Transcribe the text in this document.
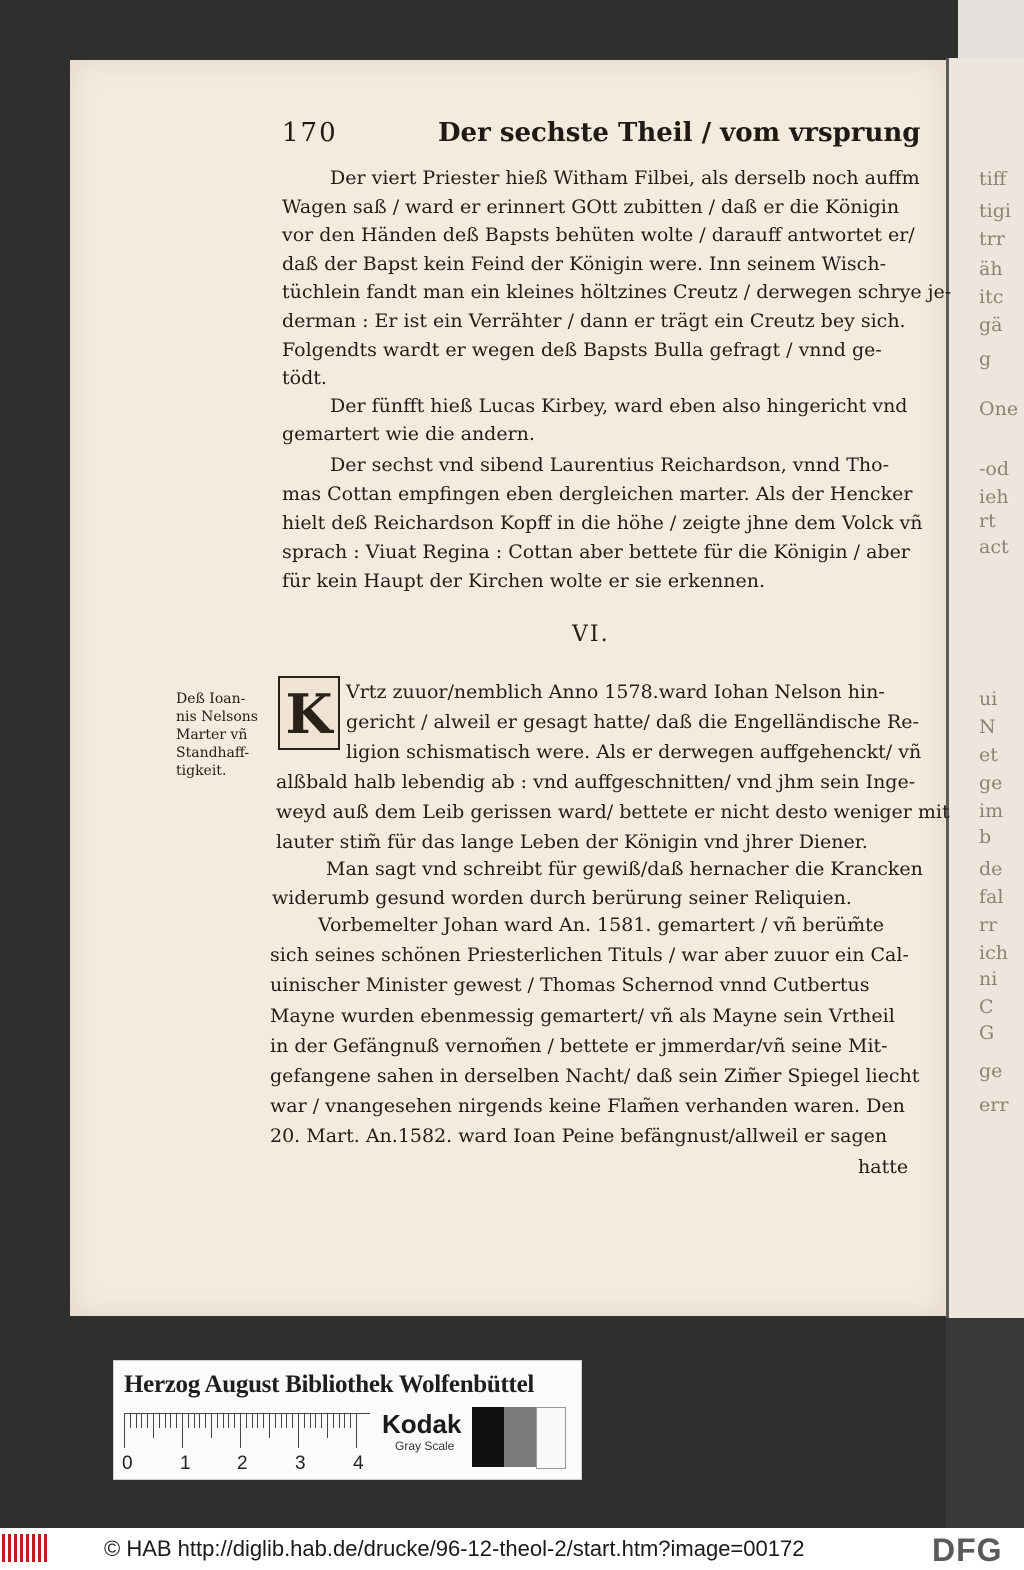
tiff
tigi
trr
äh
itc
gä
g
One
-od
ieh
rt
act
ui
N
et
ge
im
b
de
fal
rr
ich
ni
C
G
ge
err
170	Der sechste Theil / vom vrsprung
Der viert Priester hieß Witham Filbei, als derselb noch auffm
Wagen saß / ward er erinnert GOtt zubitten / daß er die Königin
vor den Händen deß Bapsts behüten wolte / darauff antwortet er/
daß der Bapst kein Feind der Königin were. Inn seinem Wisch-
tüchlein fandt man ein kleines höltzines Creutz / derwegen schrye je-
derman : Er ist ein Verrähter / dann er trägt ein Creutz bey sich.
Folgendts wardt er wegen deß Bapsts Bulla gefragt / vnnd ge-
tödt.
Der fünfft hieß Lucas Kirbey, ward eben also hingericht vnd
gemartert wie die andern.
Der sechst vnd sibend Laurentius Reichardson, vnnd Tho-
mas Cottan empfingen eben dergleichen marter. Als der Hencker
hielt deß Reichardson Kopff in die höhe / zeigte jhne dem Volck vñ
sprach : Viuat Regina : Cottan aber bettete für die Königin / aber
für kein Haupt der Kirchen wolte er sie erkennen.
Vrtz zuuor/nemblich Anno 1578.ward Iohan Nelson hin-
gericht / alweil er gesagt hatte/ daß die Engelländische Re-
ligion schismatisch were. Als er derwegen auffgehenckt/ vñ
alßbald halb lebendig ab : vnd auffgeschnitten/ vnd jhm sein Inge-
weyd auß dem Leib gerissen ward/ bettete er nicht desto weniger mit
lauter stim̃ für das lange Leben der Königin vnd jhrer Diener.
Man sagt vnd schreibt für gewiß/daß hernacher die Krancken
widerumb gesund worden durch berürung seiner Reliquien.
Vorbemelter Johan ward An. 1581. gemartert / vñ berüm̃te
sich seines schönen Priesterlichen Tituls / war aber zuuor ein Cal-
uinischer Minister gewest / Thomas Schernod vnnd Cutbertus
Mayne wurden ebenmessig gemartert/ vñ als Mayne sein Vrtheil
in der Gefängnuß vernom̃en / bettete er jmmerdar/vñ seine Mit-
gefangene sahen in derselben Nacht/ daß sein Zim̃er Spiegel liecht
war / vnangesehen nirgends keine Flam̃en verhanden waren. Den
20. Mart. An.1582. ward Ioan Peine befängnust/allweil er sagen
hatte
VI.
Deß Ioan-
nis Nelsons
Marter vñ
Standhaff-
tigkeit.
K
Herzog August Bibliothek Wolfenbüttel
0 1 2 3 4
Kodak
Gray Scale
© HAB http://diglib.hab.de/drucke/96-12-theol-2/start.htm?image=00172	DFG
